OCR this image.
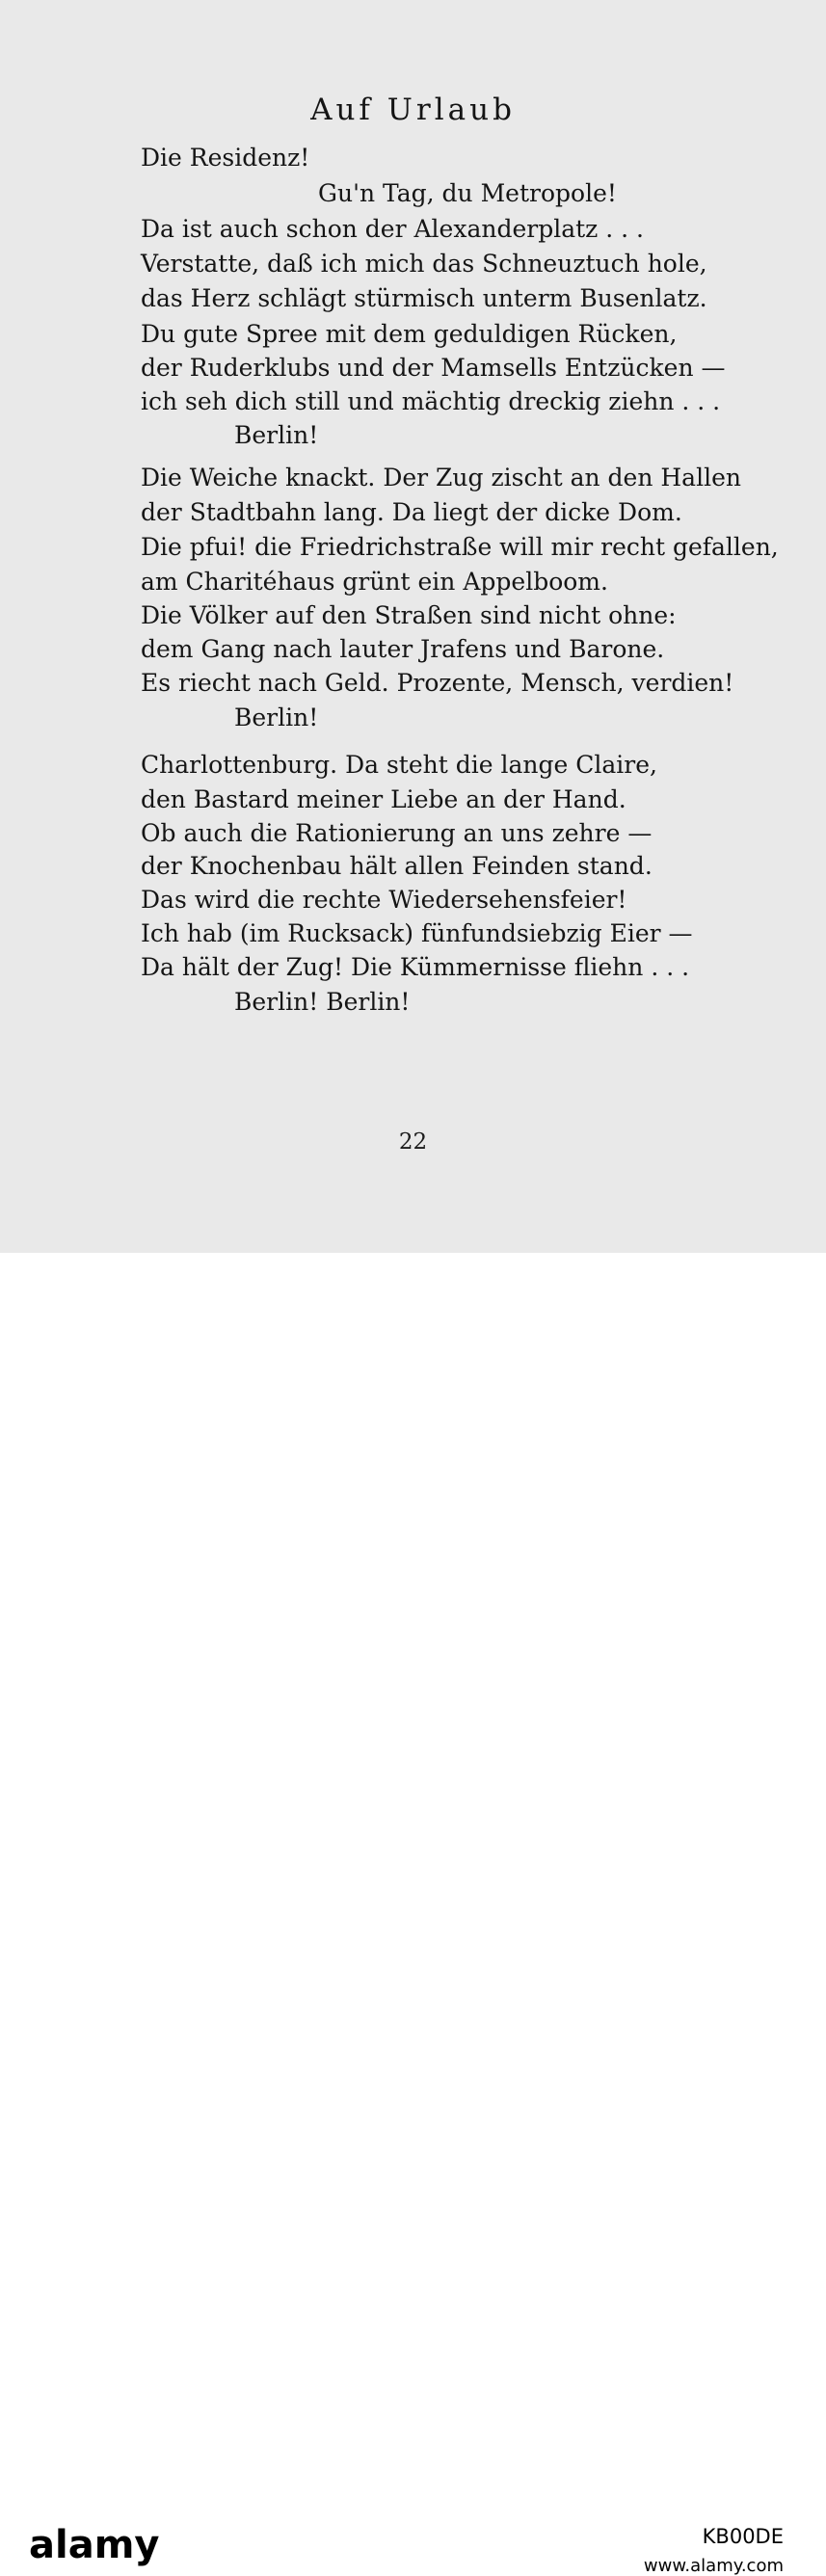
Auf Urlaub
Die Residenz!
Gu'n Tag, du Metropole!
Da ist auch schon der Alexanderplatz . . .
Verstatte, daß ich mich das Schneuztuch hole,
das Herz schlägt stürmisch unterm Busenlatz.
Du gute Spree mit dem geduldigen Rücken,
der Ruderklubs und der Mamsells Entzücken —
ich seh dich still und mächtig dreckig ziehn . . .
Berlin!
Die Weiche knackt. Der Zug zischt an den Hallen
der Stadtbahn lang. Da liegt der dicke Dom.
Die pfui! die Friedrichstraße will mir recht gefallen,
am Charitéhaus grünt ein Appelboom.
Die Völker auf den Straßen sind nicht ohne:
dem Gang nach lauter Jrafens und Barone.
Es riecht nach Geld. Prozente, Mensch, verdien!
Berlin!
Charlottenburg. Da steht die lange Claire,
den Bastard meiner Liebe an der Hand.
Ob auch die Rationierung an uns zehre —
der Knochenbau hält allen Feinden stand.
Das wird die rechte Wiedersehensfeier!
Ich hab (im Rucksack) fünfundsiebzig Eier —
Da hält der Zug! Die Kümmernisse fliehn . . .
Berlin! Berlin!
22
alamy	KB00DE
www.alamy.com
